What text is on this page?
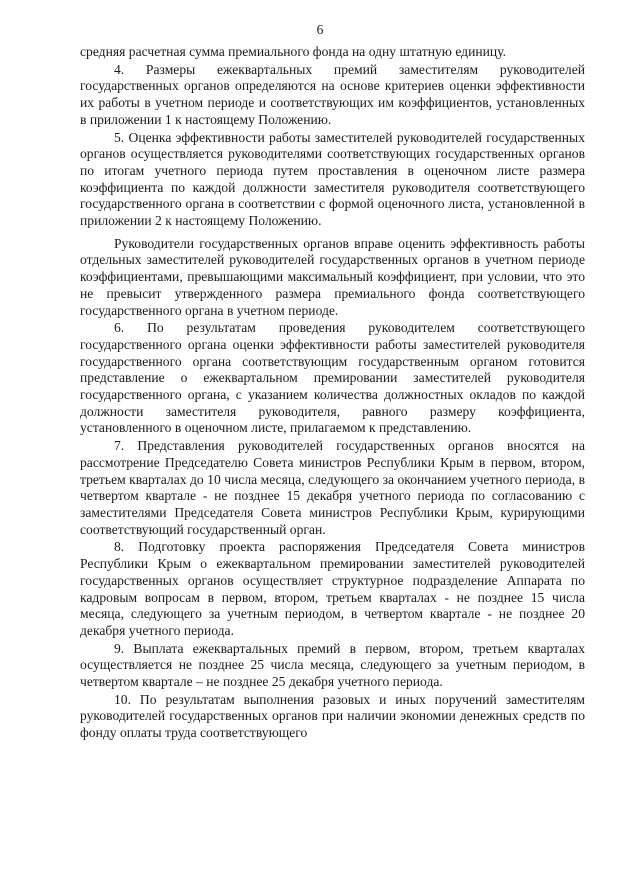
6

средняя расчетная сумма премиального фонда на одну штатную единицу.

4. Размеры ежеквартальных премий заместителям руководителей государственных органов определяются на основе критериев оценки эффективности их работы в учетном периоде и соответствующих им коэффициентов, установленных в приложении 1 к настоящему Положению.

5. Оценка эффективности работы заместителей руководителей государственных органов осуществляется руководителями соответствующих государственных органов по итогам учетного периода путем проставления в оценочном листе размера коэффициента по каждой должности заместителя руководителя соответствующего государственного органа в соответствии с формой оценочного листа, установленной в приложении 2 к настоящему Положению.

Руководители государственных органов вправе оценить эффективность работы отдельных заместителей руководителей государственных органов в учетном периоде коэффициентами, превышающими максимальный коэффициент, при условии, что это не превысит утвержденного размера премиального фонда соответствующего государственного органа в учетном периоде.

6. По результатам проведения руководителем соответствующего государственного органа оценки эффективности работы заместителей руководителя государственного органа соответствующим государственным органом готовится представление о ежеквартальном премировании заместителей руководителя государственного органа, с указанием количества должностных окладов по каждой должности заместителя руководителя, равного размеру коэффициента, установленного в оценочном листе, прилагаемом к представлению.

7. Представления руководителей государственных органов вносятся на рассмотрение Председателю Совета министров Республики Крым в первом, втором, третьем кварталах до 10 числа месяца, следующего за окончанием учетного периода, в четвертом квартале - не позднее 15 декабря учетного периода по согласованию с заместителями Председателя Совета министров Республики Крым, курирующими соответствующий государственный орган.

8. Подготовку проекта распоряжения Председателя Совета министров Республики Крым о ежеквартальном премировании заместителей руководителей государственных органов осуществляет структурное подразделение Аппарата по кадровым вопросам в первом, втором, третьем кварталах - не позднее 15 числа месяца, следующего за учетным периодом, в четвертом квартале - не позднее 20 декабря учетного периода.

9. Выплата ежеквартальных премий в первом, втором, третьем кварталах осуществляется не позднее 25 числа месяца, следующего за учетным периодом, в четвертом квартале – не позднее 25 декабря учетного периода.

10. По результатам выполнения разовых и иных поручений заместителям руководителей государственных органов при наличии экономии денежных средств по фонду оплаты труда соответствующего
